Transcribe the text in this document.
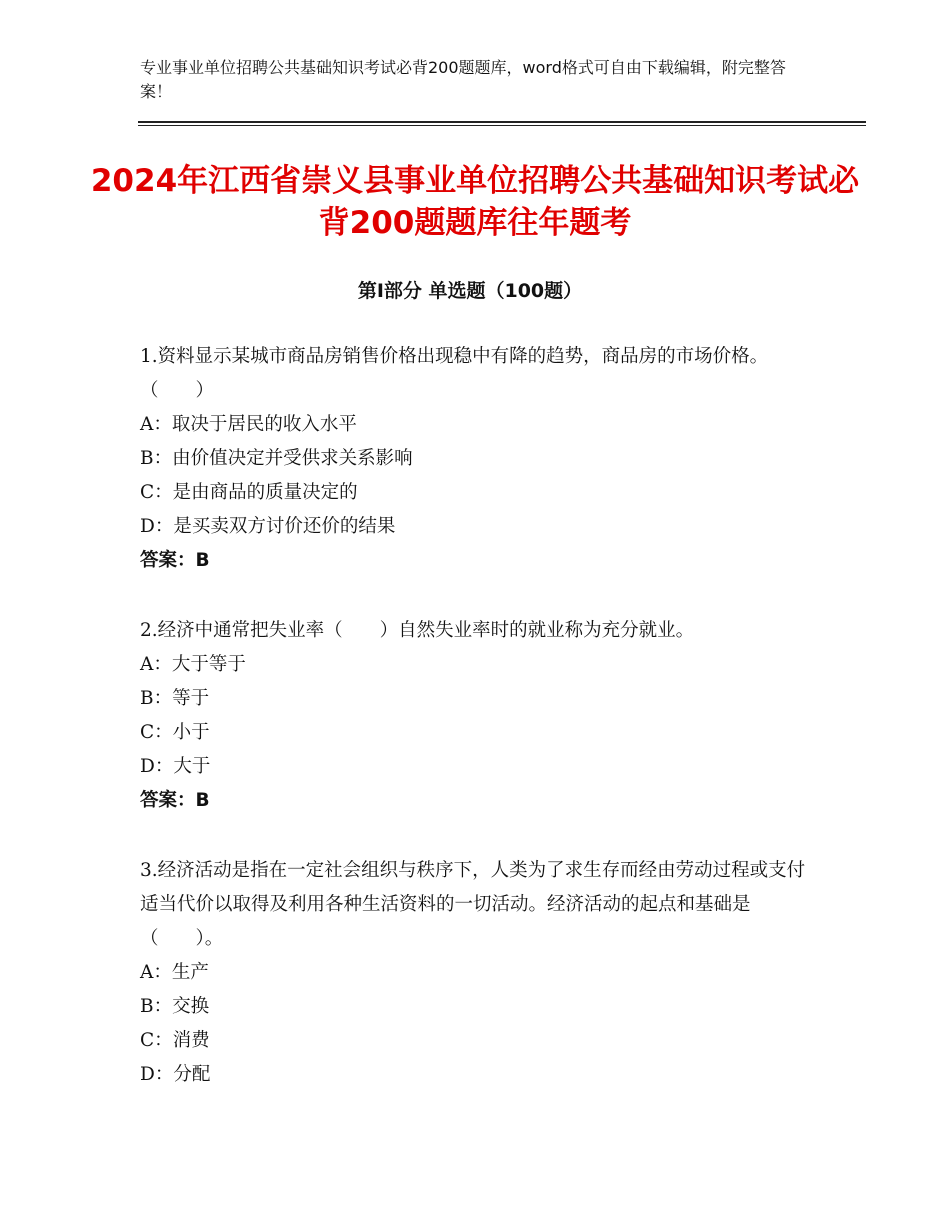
专业事业单位招聘公共基础知识考试必背200题题库，word格式可自由下载编辑，附完整答案！
2024年江西省崇义县事业单位招聘公共基础知识考试必背200题题库往年题考
第Ⅰ部分 单选题（100题）

1.资料显示某城市商品房销售价格出现稳中有降的趋势，商品房的市场价格。（　　）

A：取决于居民的收入水平

B：由价值决定并受供求关系影响

C：是由商品的质量决定的

D：是买卖双方讨价还价的结果

答案：B

2.经济中通常把失业率（　　）自然失业率时的就业称为充分就业。

A：大于等于

B：等于

C：小于

D：大于

答案：B

3.经济活动是指在一定社会组织与秩序下，人类为了求生存而经由劳动过程或支付适当代价以取得及利用各种生活资料的一切活动。经济活动的起点和基础是（　　）。

A：生产

B：交换

C：消费

D：分配
